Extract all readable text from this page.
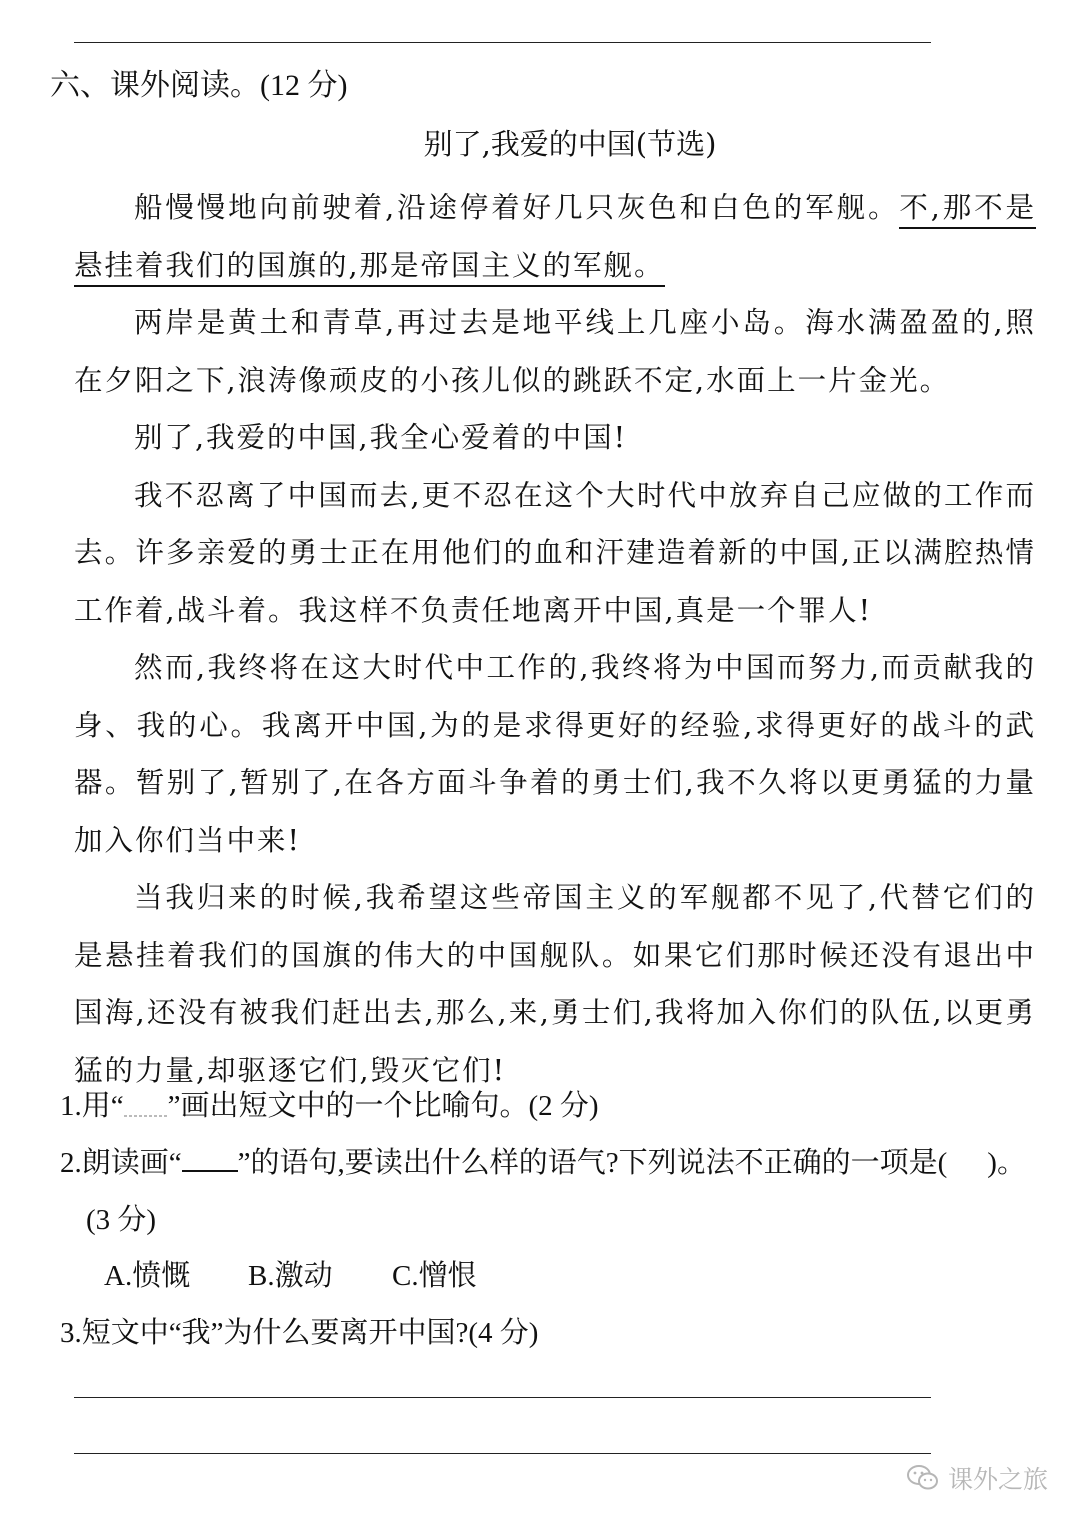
六、课外阅读。(12 分)
别了,我爱的中国(节选)

船慢慢地向前驶着,沿途停着好几只灰色和白色的军舰。不,那不是悬挂着我们的国旗的,那是帝国主义的军舰。

两岸是黄土和青草,再过去是地平线上几座小岛。海水满盈盈的,照在夕阳之下,浪涛像顽皮的小孩儿似的跳跃不定,水面上一片金光。

别了,我爱的中国,我全心爱着的中国!

我不忍离了中国而去,更不忍在这个大时代中放弃自己应做的工作而去。许多亲爱的勇士正在用他们的血和汗建造着新的中国,正以满腔热情工作着,战斗着。我这样不负责任地离开中国,真是一个罪人!

然而,我终将在这大时代中工作的,我终将为中国而努力,而贡献我的身、我的心。我离开中国,为的是求得更好的经验,求得更好的战斗的武器。暂别了,暂别了,在各方面斗争着的勇士们,我不久将以更勇猛的力量加入你们当中来!

当我归来的时候,我希望这些帝国主义的军舰都不见了,代替它们的是悬挂着我们的国旗的伟大的中国舰队。如果它们那时候还没有退出中国海,还没有被我们赶出去,那么,来,勇士们,我将加入你们的队伍,以更勇猛的力量,却驱逐它们,毁灭它们!

1.用“ ”画出短文中的一个比喻句。(2 分)
2.朗读画“ ”的语句,要读出什么样的语气?下列说法不正确的一项是( )。
(3 分)
A.愤慨 B.激动 C.憎恨
3.短文中“我”为什么要离开中国?(4 分)
课外之旅
